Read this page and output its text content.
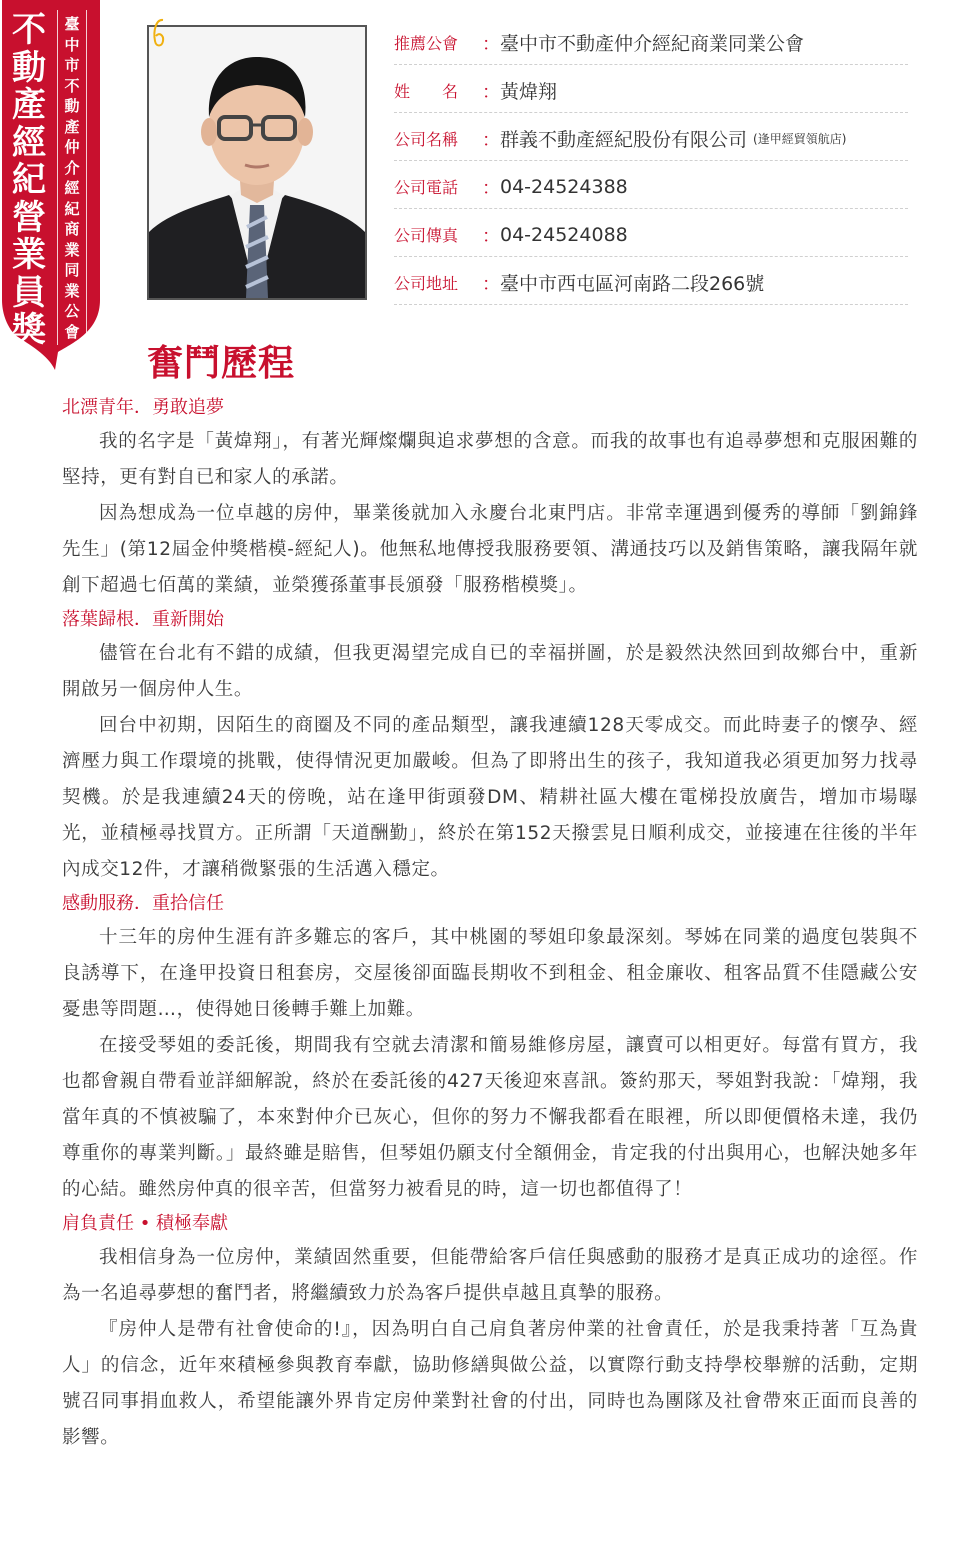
不
動
產
經
紀
營
業
員
獎
臺
中
市
不
動
產
仲
介
經
紀
商
業
同
業
公
會
推薦公會	： 臺中市不動產仲介經紀商業同業公會
姓　　名	： 黃煒翔
公司名稱	： 群義不動產經紀股份有限公司 (逢甲經貿領航店)
公司電話	： 04-24524388
公司傳真	： 04-24524088
公司地址	： 臺中市西屯區河南路二段266號
奮鬥歷程
北漂青年．勇敢追夢

我的名字是「黃煒翔」，有著光輝燦爛與追求夢想的含意。而我的故事也有追尋夢想和克服困難的堅持，更有對自已和家人的承諾。

因為想成為一位卓越的房仲，畢業後就加入永慶台北東門店。非常幸運遇到優秀的導師「劉錦鋒先生」(第12屆金仲獎楷模-經紀人)。他無私地傳授我服務要領、溝通技巧以及銷售策略，讓我隔年就創下超過七佰萬的業績，並榮獲孫董事長頒發「服務楷模獎」。

落葉歸根．重新開始

儘管在台北有不錯的成績，但我更渴望完成自已的幸福拼圖，於是毅然決然回到故鄉台中，重新開啟另一個房仲人生。

回台中初期，因陌生的商圈及不同的產品類型，讓我連續128天零成交。而此時妻子的懷孕、經濟壓力與工作環境的挑戰，使得情況更加嚴峻。但為了即將出生的孩子，我知道我必須更加努力找尋契機。於是我連續24天的傍晚，站在逢甲街頭發DM、精耕社區大樓在電梯投放廣告，增加市場曝光，並積極尋找買方。正所謂「天道酬勤」，終於在第152天撥雲見日順利成交，並接連在往後的半年內成交12件，才讓稍微緊張的生活邁入穩定。

感動服務．重拾信任

十三年的房仲生涯有許多難忘的客戶，其中桃園的琴姐印象最深刻。琴姊在同業的過度包裝與不良誘導下，在逢甲投資日租套房，交屋後卻面臨長期收不到租金、租金廉收、租客品質不佳隱藏公安憂患等問題…，使得她日後轉手難上加難。

在接受琴姐的委託後，期間我有空就去清潔和簡易維修房屋，讓賣可以相更好。每當有買方，我也都會親自帶看並詳細解說，終於在委託後的427天後迎來喜訊。簽約那天，琴姐對我說：「煒翔，我當年真的不慎被騙了，本來對仲介已灰心，但你的努力不懈我都看在眼裡，所以即便價格未達，我仍尊重你的專業判斷。」最終雖是賠售，但琴姐仍願支付全額佣金，肯定我的付出與用心，也解決她多年的心結。雖然房仲真的很辛苦，但當努力被看見的時，這一切也都值得了！

肩負責任 • 積極奉獻

我相信身為一位房仲，業績固然重要，但能帶給客戶信任與感動的服務才是真正成功的途徑。作為一名追尋夢想的奮鬥者，將繼續致力於為客戶提供卓越且真摯的服務。

『房仲人是帶有社會使命的!』，因為明白自己肩負著房仲業的社會責任，於是我秉持著「互為貴人」的信念，近年來積極參與教育奉獻，協助修繕與做公益，以實際行動支持學校舉辦的活動，定期號召同事捐血救人，希望能讓外界肯定房仲業對社會的付出，同時也為團隊及社會帶來正面而良善的影響。
